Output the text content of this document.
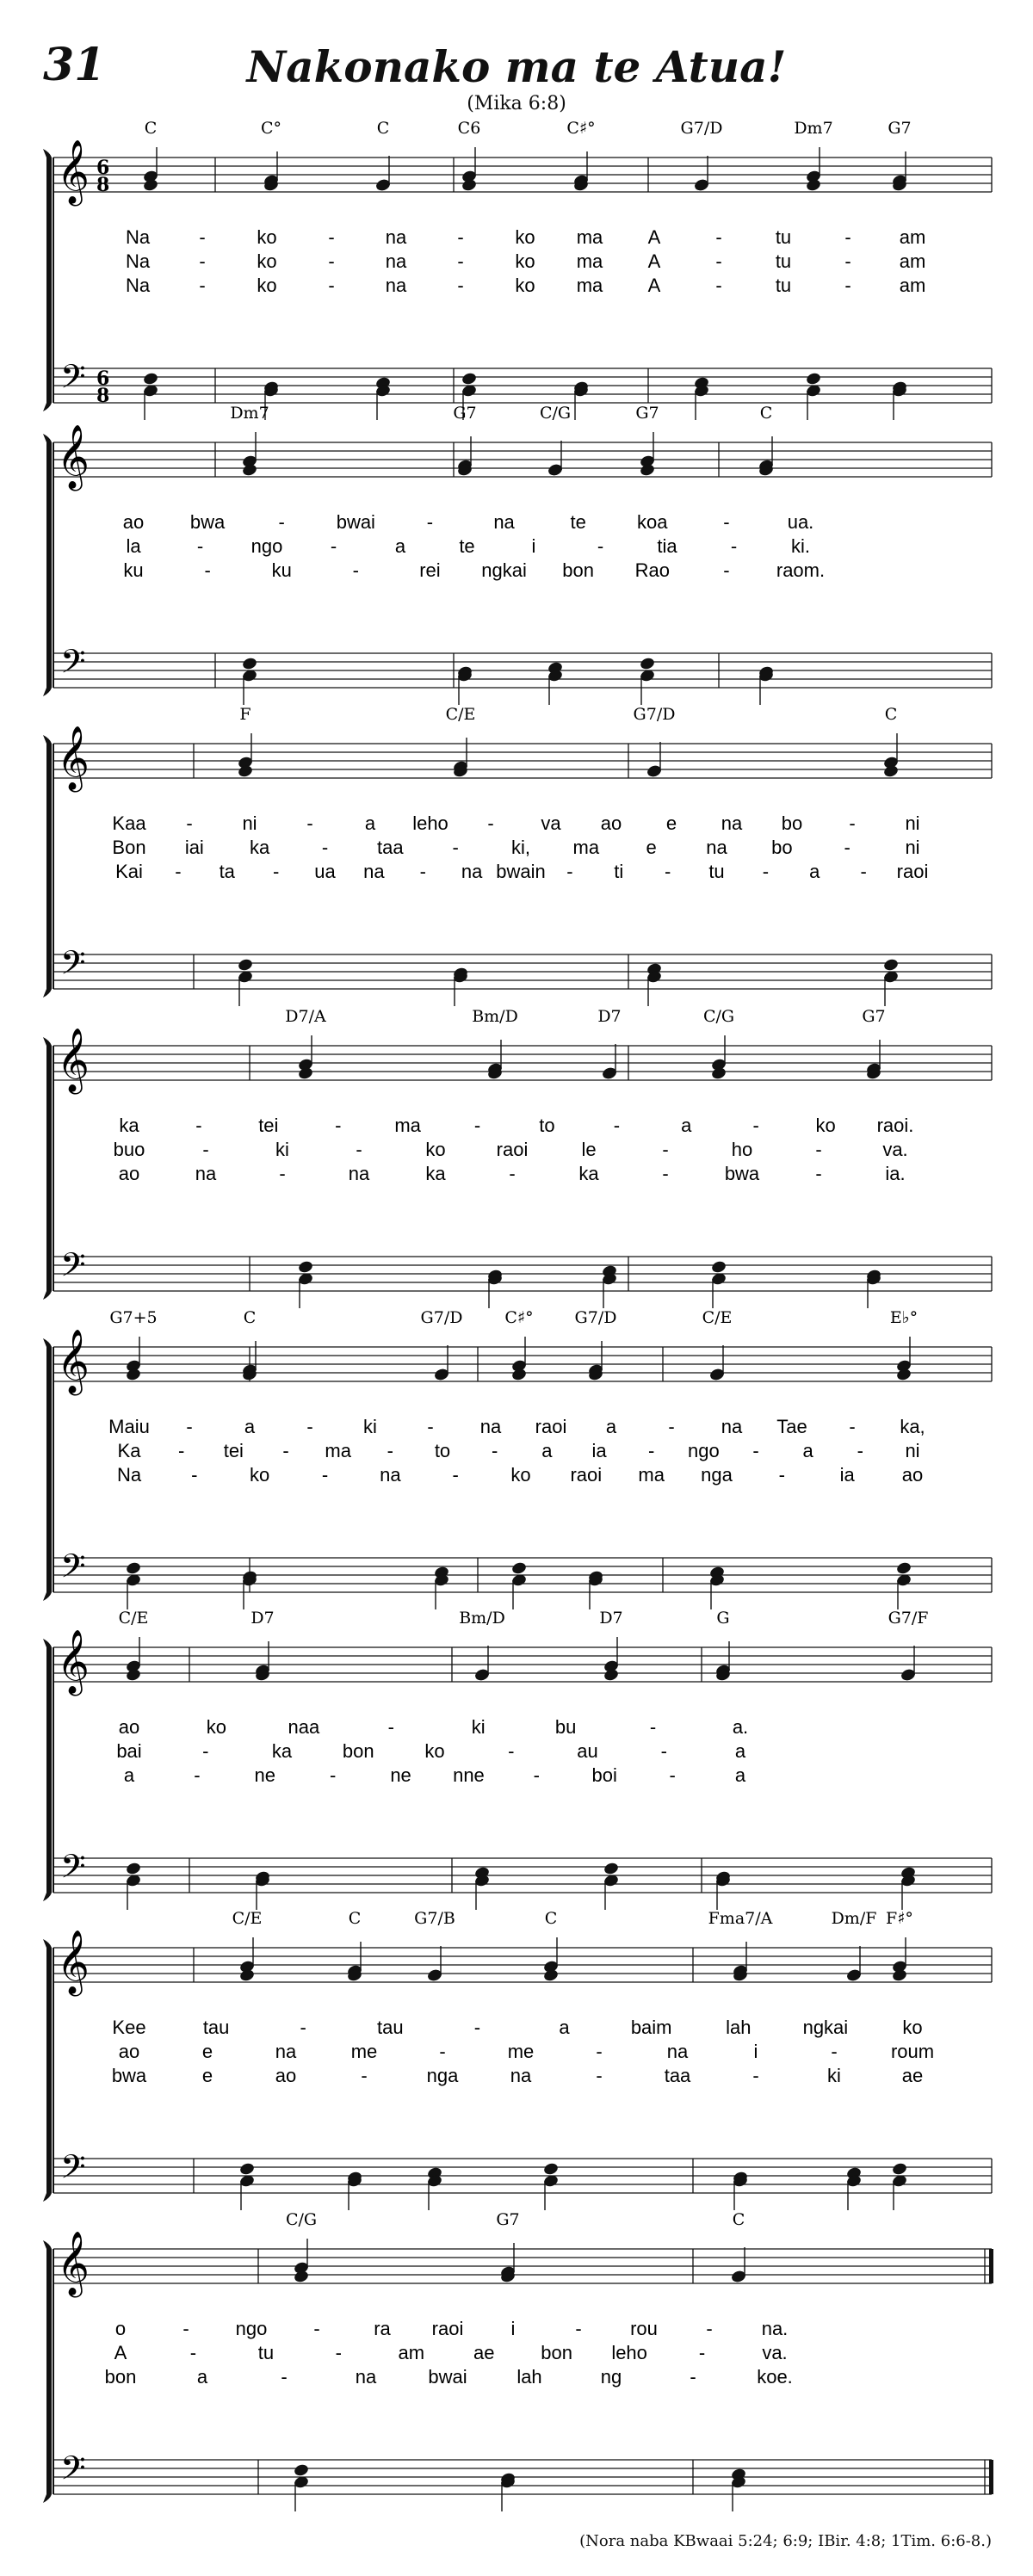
31	Nakonako ma te Atua!
(Mika 6:8)
𝄞
𝄢
6
8
6
8
C	C°	C	C6	C♯°	G7/D	Dm7	G7
Na	-	ko	-	na	-	ko ma A	-	tu	-	am
Na	-	ko	-	na	-	ko ma A	-	tu	-	am
Na	-	ko	-	na	-	ko ma A	-	tu	-	am
𝄞
𝄢
Dm7	G7	C/G	G7	C
ao bwa	-	bwai	-	na	te	koa	-	ua.
la	-	ngo	-	a	te	i	-	tia	-	ki.
ku	-	ku	-	rei ngkai bon Rao	- raom.
𝄞
𝄢
F	C/E	G7/D	C
Kaa -	ni	-	a leho - va ao e na bo -	ni
Bon iai ka	-	taa	-	ki, ma e	na bo	-	ni
Kai - ta - ua na - na bwain - ti - tu - a - raoi
𝄞
𝄢
D7/A	Bm/D	D7	C/G	G7
ka	-	tei	-	ma	-	to	-	a	-	ko raoi.
buo	-	ki	-	ko	raoi	le	-	ho	-	va.
ao	na	-	na	ka	-	ka	-	bwa	-	ia.
𝄞
𝄢
G7+5	C	G7/D	C♯°	G7/D	C/E	E♭°
Maiu -	a	-	ki	- na raoi a	- na Tae - ka,
Ka - tei - ma - to - a ia - ngo - a - ni
Na	-	ko	-	na	-	ko raoi ma nga -	ia	ao
𝄞
𝄢
C/E	D7	Bm/D	D7	G	G7/F
ao	ko	naa	-	ki	bu	-	a.
bai	-	ka	bon	ko	-	au	-	a
a	-	ne	-	ne nne	-	boi	-	a
𝄞
𝄢
C/E	C	G7/B	C	Fma7/A	Dm/F F♯°
Kee	tau	-	tau	-	a	baim	lah	ngkai	ko
ao	e	na	me	-	me	-	na	i	-	roum
bwa	e	ao	-	nga	na	-	taa	-	ki	ae
𝄞
𝄢
C/G	G7	C
o	- ngo -	ra raoi	i	-	rou	-	na.
A	-	tu	-	am	ae bon leho	-	va.
bon	a	-	na	bwai	lah	ng	-	koe.
(Nora naba KBwaai 5:24; 6:9; IBir. 4:8; 1Tim. 6:6-8.)
